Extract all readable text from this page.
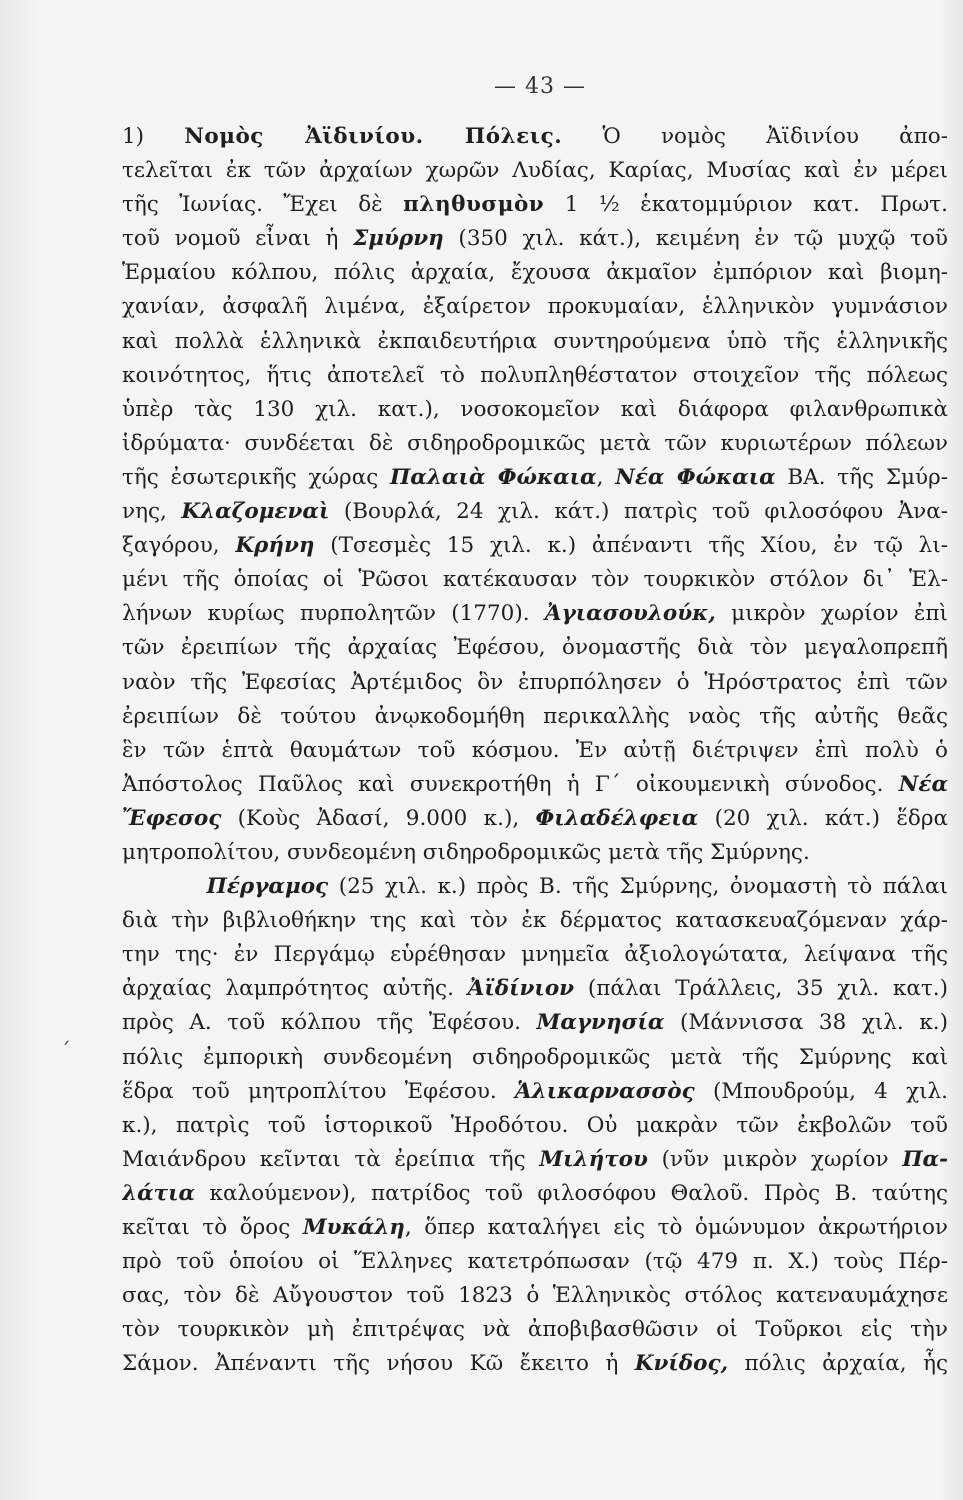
— 43 —
1) Νομὸς Ἀϊδινίου. Πόλεις. Ὁ νομὸς Ἀϊδινίου ἀπο-
τελεῖται ἐκ τῶν ἀρχαίων χωρῶν Λυδίας, Καρίας, Μυσίας καὶ ἐν μέρει
τῆς Ἰωνίας. Ἔχει δὲ πληθυσμὸν 1 ½ ἑκατομμύριον κατ. Πρωτ.
τοῦ νομοῦ εἶναι ἡ Σμύρνη (350 χιλ. κάτ.), κειμένη ἐν τῷ μυχῷ τοῦ
Ἑρμαίου κόλπου, πόλις ἀρχαία, ἔχουσα ἀκμαῖον ἐμπόριον καὶ βιομη-
χανίαν, ἀσφαλῆ λιμένα, ἐξαίρετον προκυμαίαν, ἑλληνικὸν γυμνάσιον
καὶ πολλὰ ἑλληνικὰ ἐκπαιδευτήρια συντηρούμενα ὑπὸ τῆς ἑλληνικῆς
κοινότητος, ἥτις ἀποτελεῖ τὸ πολυπληθέστατον στοιχεῖον τῆς πόλεως
ὑπὲρ τὰς 130 χιλ. κατ.), νοσοκομεῖον καὶ διάφορα φιλανθρωπικὰ
ἱδρύματα· συνδέεται δὲ σιδηροδρομικῶς μετὰ τῶν κυριωτέρων πόλεων
τῆς ἐσωτερικῆς χώρας Παλαιὰ Φώκαια, Νέα Φώκαια ΒΑ. τῆς Σμύρ-
νης, Κλαζομεναὶ (Βουρλά, 24 χιλ. κάτ.) πατρὶς τοῦ φιλοσόφου Ἀνα-
ξαγόρου, Κρήνη (Τσεσμὲς 15 χιλ. κ.) ἀπέναντι τῆς Χίου, ἐν τῷ λι-
μένι τῆς ὁποίας οἱ Ῥῶσοι κατέκαυσαν τὸν τουρκικὸν στόλον δι᾽ Ἑλ-
λήνων κυρίως πυρπολητῶν (1770). Ἀγιασουλούκ, μικρὸν χωρίον ἐπὶ
τῶν ἐρειπίων τῆς ἀρχαίας Ἐφέσου, ὀνομαστῆς διὰ τὸν μεγαλοπρεπῆ
ναὸν τῆς Ἐφεσίας Ἀρτέμιδος ὃν ἐπυρπόλησεν ὁ Ἡρόστρατος ἐπὶ τῶν
ἐρειπίων δὲ τούτου ἀνῳκοδομήθη περικαλλὴς ναὸς τῆς αὐτῆς θεᾶς
ἓν τῶν ἑπτὰ θαυμάτων τοῦ κόσμου. Ἐν αὐτῇ διέτριψεν ἐπὶ πολὺ ὁ
Ἀπόστολος Παῦλος καὶ συνεκροτήθη ἡ Γ´ οἰκουμενικὴ σύνοδος. Νέα
Ἔφεσος (Κοὺς Ἀδασί, 9.000 κ.), Φιλαδέλφεια (20 χιλ. κάτ.) ἕδρα
μητροπολίτου, συνδεομένη σιδηροδρομικῶς μετὰ τῆς Σμύρνης.
Πέργαμος (25 χιλ. κ.) πρὸς Β. τῆς Σμύρνης, ὀνομαστὴ τὸ πάλαι
διὰ τὴν βιβλιοθήκην της καὶ τὸν ἐκ δέρματος κατασκευαζόμεναν χάρ-
την της· ἐν Περγάμῳ εὑρέθησαν μνημεῖα ἀξιολογώτατα, λείψανα τῆς
ἀρχαίας λαμπρότητος αὐτῆς. Ἀϊδίνιον (πάλαι Τράλλεις, 35 χιλ. κατ.)
πρὸς Α. τοῦ κόλπου τῆς Ἐφέσου. Μαγνησία (Μάννισσα 38 χιλ. κ.)
πόλις ἐμπορικὴ συνδεομένη σιδηροδρομικῶς μετὰ τῆς Σμύρνης καὶ
ἕδρα τοῦ μητροπλίτου Ἐφέσου. Ἁλικαρνασσὸς (Μπουδρούμ, 4 χιλ.
κ.), πατρὶς τοῦ ἱστορικοῦ Ἡροδότου. Οὐ μακρὰν τῶν ἐκβολῶν τοῦ
Μαιάνδρου κεῖνται τὰ ἐρείπια τῆς Μιλήτου (νῦν μικρὸν χωρίον Πα-
λάτια καλούμενον), πατρίδος τοῦ φιλοσόφου Θαλοῦ. Πρὸς Β. ταύτης
κεῖται τὸ ὄρος Μυκάλη, ὅπερ καταλήγει εἰς τὸ ὁμώνυμον ἀκρωτήριον
πρὸ τοῦ ὁποίου οἱ Ἕλληνες κατετρόπωσαν (τῷ 479 π. Χ.) τοὺς Πέρ-
σας, τὸν δὲ Αὔγουστον τοῦ 1823 ὁ Ἑλληνικὸς στόλος κατεναυμάχησε
τὸν τουρκικὸν μὴ ἐπιτρέψας νὰ ἀποβιβασθῶσιν οἱ Τοῦρκοι εἰς τὴν
Σάμον. Ἀπέναντι τῆς νήσου Κῶ ἔκειτο ἡ Κνίδος, πόλις ἀρχαία, ἧς
ˊ
